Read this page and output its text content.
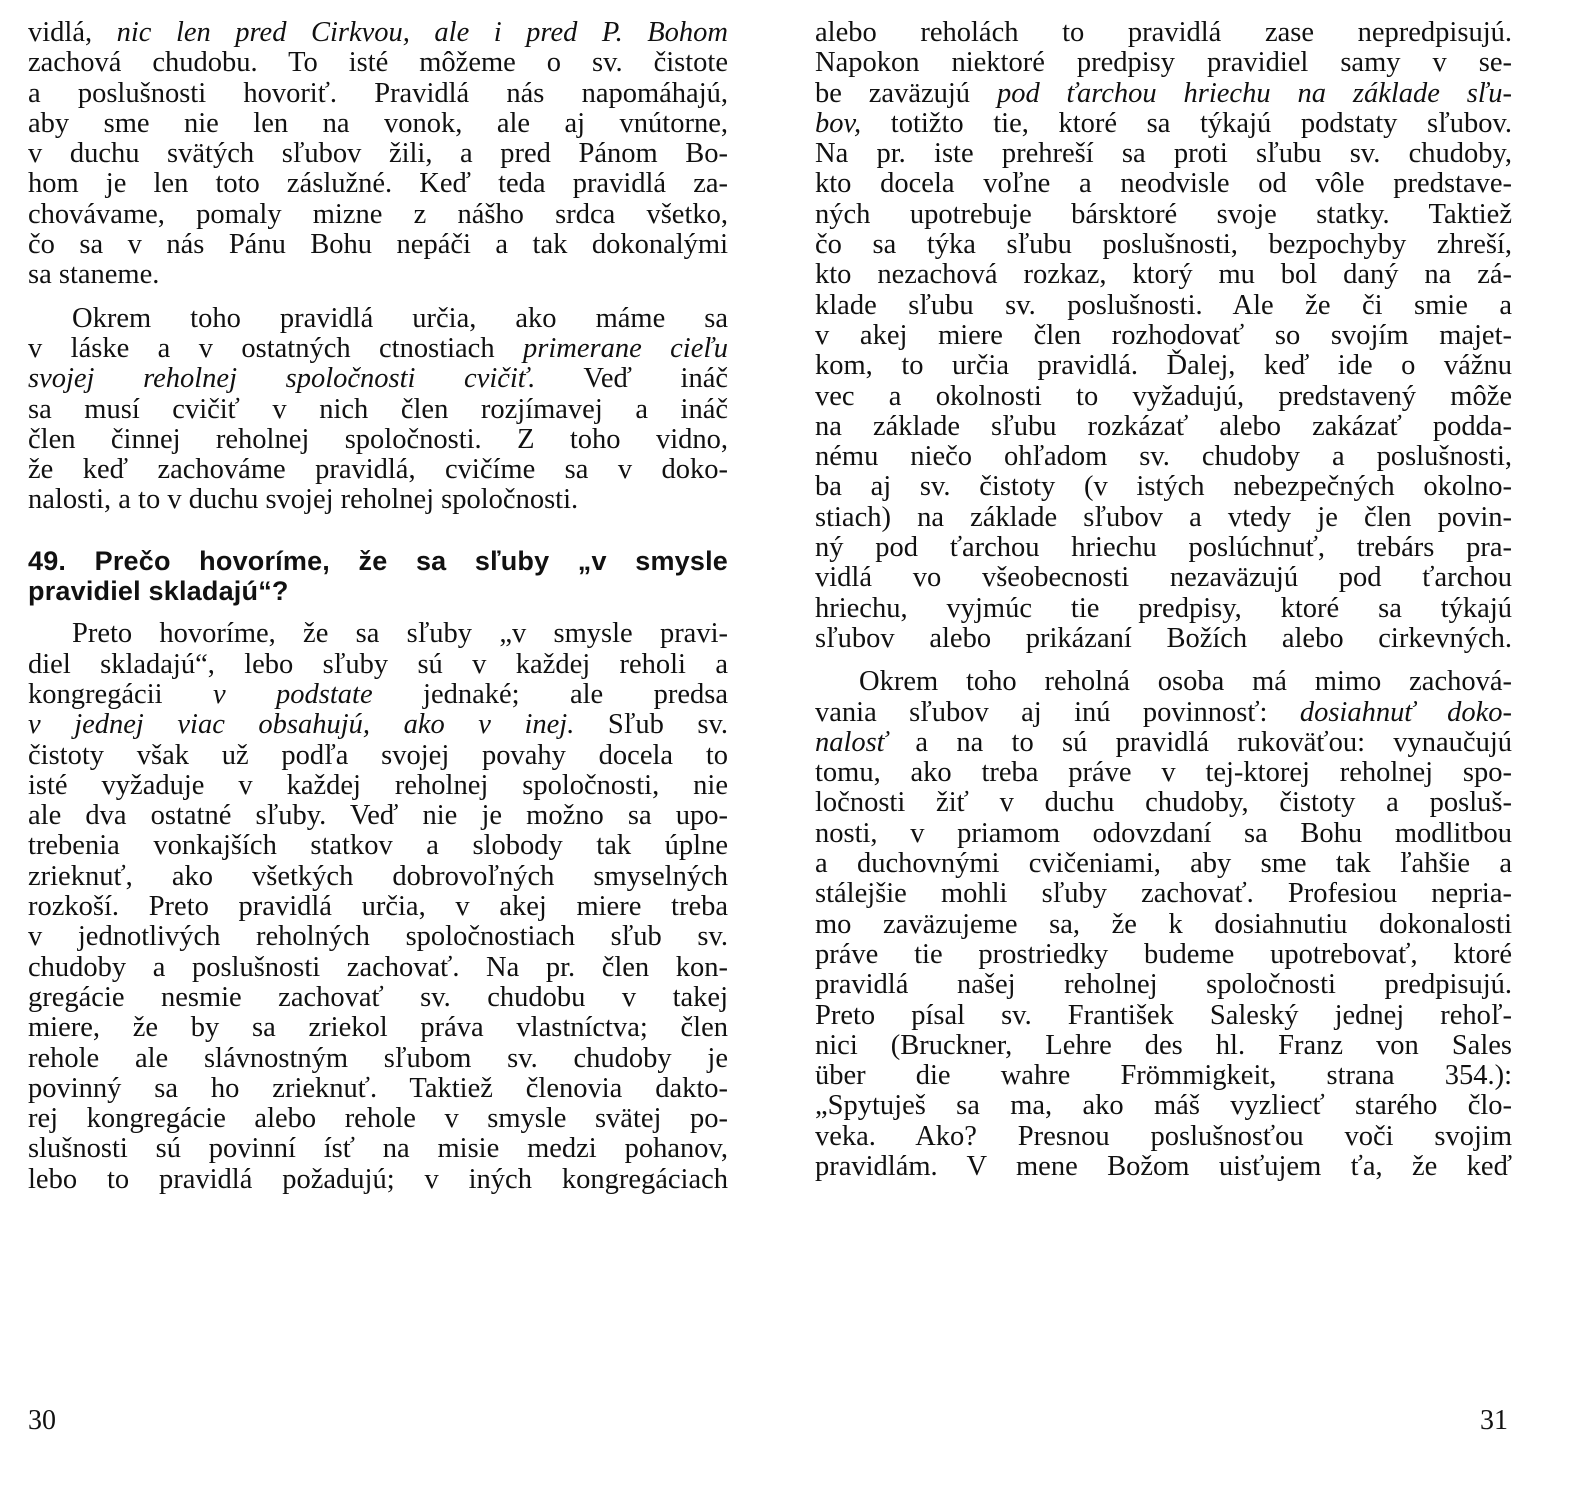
vidlá, nic len pred Cirkvou, ale i pred P. Bohom
zachová chudobu. To isté môžeme o sv. čistote
a poslušnosti hovoriť. Pravidlá nás napomáhajú,
aby sme nie len na vonok, ale aj vnútorne,
v duchu svätých sľubov žili, a pred Pánom Bo-
hom je len toto záslužné. Keď teda pravidlá za-
chovávame, pomaly mizne z nášho srdca všetko,
čo sa v nás Pánu Bohu nepáči a tak dokonalými
sa staneme.
Okrem toho pravidlá určia, ako máme sa
v láske a v ostatných ctnostiach primerane cieľu
svojej reholnej spoločnosti cvičiť. Veď ináč
sa musí cvičiť v nich člen rozjímavej a ináč
člen činnej reholnej spoločnosti. Z toho vidno,
že keď zachováme pravidlá, cvičíme sa v doko-
nalosti, a to v duchu svojej reholnej spoločnosti.
49. Prečo hovoríme, že sa sľuby „v smysle
pravidiel skladajú“?
Preto hovoríme, že sa sľuby „v smysle pravi-
diel skladajú“, lebo sľuby sú v každej reholi a
kongregácii v podstate jednaké; ale predsa
v jednej viac obsahujú, ako v inej. Sľub sv.
čistoty však už podľa svojej povahy docela to
isté vyžaduje v každej reholnej spoločnosti, nie
ale dva ostatné sľuby. Veď nie je možno sa upo-
trebenia vonkajších statkov a slobody tak úplne
zrieknuť, ako všetkých dobrovoľných smyselných
rozkoší. Preto pravidlá určia, v akej miere treba
v jednotlivých reholných spoločnostiach sľub sv.
chudoby a poslušnosti zachovať. Na pr. člen kon-
gregácie nesmie zachovať sv. chudobu v takej
miere, že by sa zriekol práva vlastníctva; člen
rehole ale slávnostným sľubom sv. chudoby je
povinný sa ho zrieknuť. Taktiež členovia dakto-
rej kongregácie alebo rehole v smysle svätej po-
slušnosti sú povinní ísť na misie medzi pohanov,
lebo to pravidlá požadujú; v iných kongregáciach
30
alebo reholách to pravidlá zase nepredpisujú.
Napokon niektoré predpisy pravidiel samy v se-
be zaväzujú pod ťarchou hriechu na základe sľu-
bov, totižto tie, ktoré sa týkajú podstaty sľubov.
Na pr. iste prehreší sa proti sľubu sv. chudoby,
kto docela voľne a neodvisle od vôle predstave-
ných upotrebuje bársktoré svoje statky. Taktiež
čo sa týka sľubu poslušnosti, bezpochyby zhreší,
kto nezachová rozkaz, ktorý mu bol daný na zá-
klade sľubu sv. poslušnosti. Ale že či smie a
v akej miere člen rozhodovať so svojím majet-
kom, to určia pravidlá. Ďalej, keď ide o vážnu
vec a okolnosti to vyžadujú, predstavený môže
na základe sľubu rozkázať alebo zakázať podda-
nému niečo ohľadom sv. chudoby a poslušnosti,
ba aj sv. čistoty (v istých nebezpečných okolno-
stiach) na základe sľubov a vtedy je člen povin-
ný pod ťarchou hriechu poslúchnuť, trebárs pra-
vidlá vo všeobecnosti nezaväzujú pod ťarchou
hriechu, vyjmúc tie predpisy, ktoré sa týkajú
sľubov alebo prikázaní Božích alebo cirkevných.
Okrem toho reholná osoba má mimo zachová-
vania sľubov aj inú povinnosť: dosiahnuť doko-
nalosť a na to sú pravidlá rukoväťou: vynaučujú
tomu, ako treba práve v tej-ktorej reholnej spo-
ločnosti žiť v duchu chudoby, čistoty a posluš-
nosti, v priamom odovzdaní sa Bohu modlitbou
a duchovnými cvičeniami, aby sme tak ľahšie a
stálejšie mohli sľuby zachovať. Profesiou nepria-
mo zaväzujeme sa, že k dosiahnutiu dokonalosti
práve tie prostriedky budeme upotrebovať, ktoré
pravidlá našej reholnej spoločnosti predpisujú.
Preto písal sv. František Saleský jednej rehoľ-
nici (Bruckner, Lehre des hl. Franz von Sales
über die wahre Frömmigkeit, strana 354.):
„Spytuješ sa ma, ako máš vyzliecť starého člo-
veka. Ako? Presnou poslušnosťou voči svojim
pravidlám. V mene Božom uisťujem ťa, že keď
31
